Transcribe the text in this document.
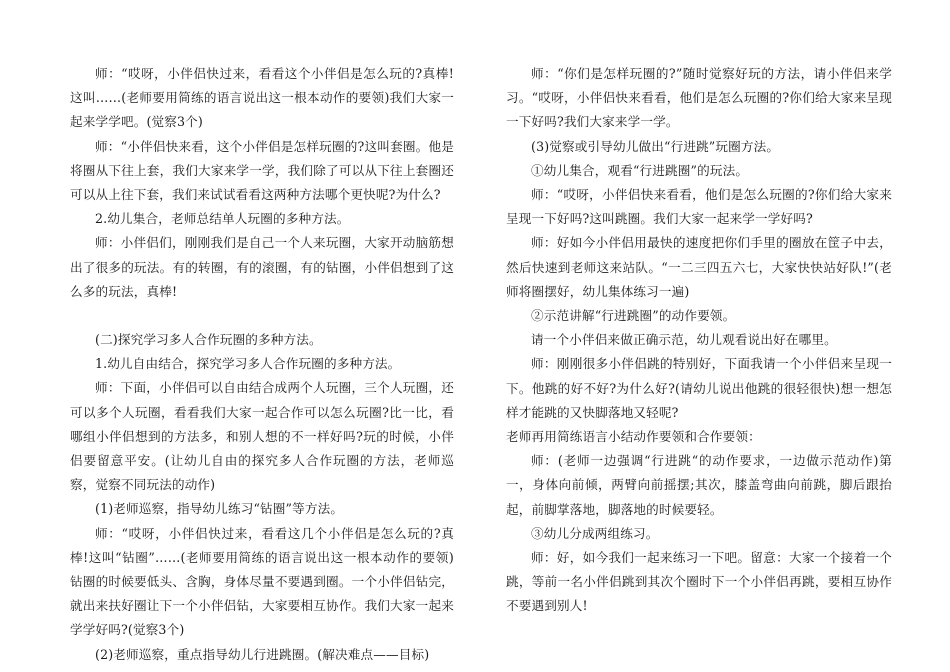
师：“哎呀，小伴侣快过来，看看这个小伴侣是怎么玩的?真棒!这叫……(老师要用简练的语言说出这一根本动作的要领)我们大家一起来学学吧。(觉察3个)

师：“小伴侣快来看，这个小伴侣是怎样玩圈的?这叫套圈。他是将圈从下往上套，我们大家来学一学，我们除了可以从下往上套圈还可以从上往下套，我们来试试看看这两种方法哪个更快呢?为什么?

2.幼儿集合，老师总结单人玩圈的多种方法。

师：小伴侣们，刚刚我们是自己一个人来玩圈，大家开动脑筋想出了很多的玩法。有的转圈，有的滚圈，有的钻圈，小伴侣想到了这么多的玩法，真棒!

(二)探究学习多人合作玩圈的多种方法。

1.幼儿自由结合，探究学习多人合作玩圈的多种方法。

师：下面，小伴侣可以自由结合成两个人玩圈，三个人玩圈，还可以多个人玩圈，看看我们大家一起合作可以怎么玩圈?比一比，看哪组小伴侣想到的方法多，和别人想的不一样好吗?玩的时候，小伴侣要留意平安。(让幼儿自由的探究多人合作玩圈的方法，老师巡察，觉察不同玩法的动作)

(1)老师巡察，指导幼儿练习“钻圈”等方法。

师：“哎呀，小伴侣快过来，看看这几个小伴侣是怎么玩的?真棒!这叫“钻圈”……(老师要用简练的语言说出这一根本动作的要领)钻圈的时候要低头、含胸，身体尽量不要遇到圈。一个小伴侣钻完，就出来扶好圈让下一个小伴侣钻，大家要相互协作。我们大家一起来学学好吗?(觉察3个)

(2)老师巡察，重点指导幼儿行进跳圈。(解决难点——目标)

师：“你们是怎样玩圈的?”随时觉察好玩的方法，请小伴侣来学习。“哎呀，小伴侣快来看看，他们是怎么玩圈的?你们给大家来呈现一下好吗?我们大家来学一学。

(3)觉察或引导幼儿做出“行进跳”玩圈方法。

①幼儿集合，观看“行进跳圈”的玩法。

师：“哎呀，小伴侣快来看看，他们是怎么玩圈的?你们给大家来呈现一下好吗?这叫跳圈。我们大家一起来学一学好吗?

师：好如今小伴侣用最快的速度把你们手里的圈放在筐子中去，然后快速到老师这来站队。“一二三四五六七，大家快快站好队!”(老师将圈摆好，幼儿集体练习一遍)

②示范讲解“行进跳圈”的动作要领。

请一个小伴侣来做正确示范，幼儿观看说出好在哪里。

师：刚刚很多小伴侣跳的特别好，下面我请一个小伴侣来呈现一下。他跳的好不好?为什么好?(请幼儿说出他跳的很轻很快)想一想怎样才能跳的又快脚落地又轻呢?

老师再用简练语言小结动作要领和合作要领：

师：(老师一边强调“行进跳“的动作要求，一边做示范动作)第一，身体向前倾，两臂向前摇摆;其次，膝盖弯曲向前跳，脚后跟抬起，前脚掌落地，脚落地的时候要轻。

③幼儿分成两组练习。

师：好，如今我们一起来练习一下吧。留意：大家一个接着一个跳，等前一名小伴侣跳到其次个圈时下一个小伴侣再跳，要相互协作不要遇到别人!
